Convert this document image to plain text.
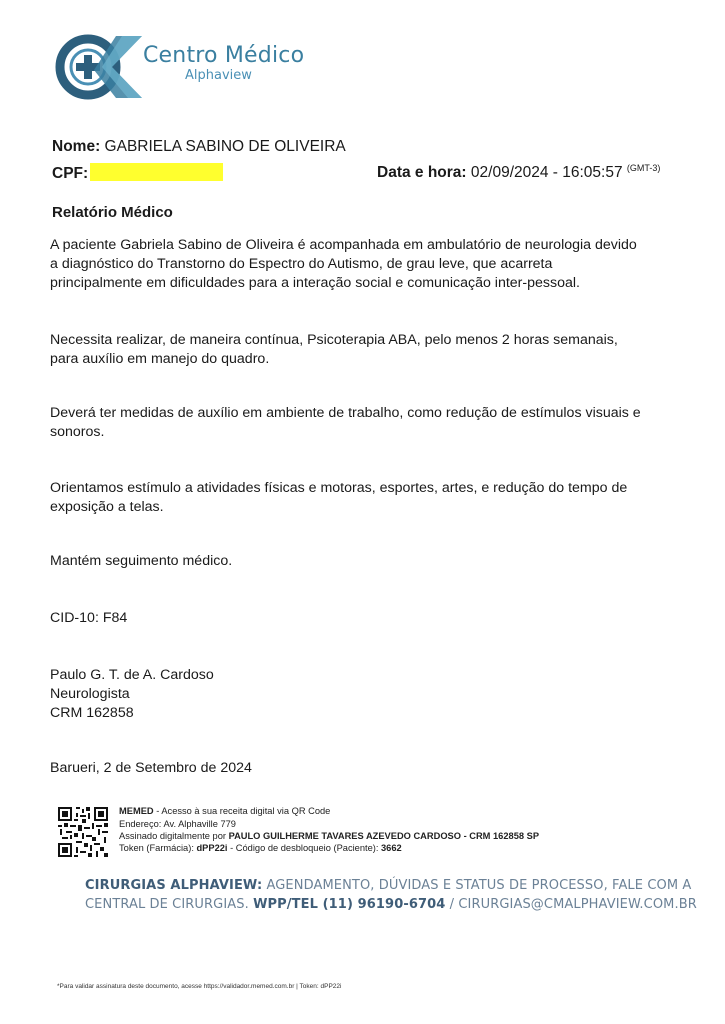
Centro Médico
Alphaview
Nome: GABRIELA SABINO DE OLIVEIRA
CPF:	Data e hora: 02/09/2024 - 16:05:57 $^{(GMT-3)}$
Relatório Médico
A paciente Gabriela Sabino de Oliveira é acompanhada em ambulatório de neurologia devido
a diagnóstico do Transtorno do Espectro do Autismo, de grau leve, que acarreta
principalmente em dificuldades para a interação social e comunicação inter-pessoal.
Necessita realizar, de maneira contínua, Psicoterapia ABA, pelo menos 2 horas semanais,
para auxílio em manejo do quadro.
Deverá ter medidas de auxílio em ambiente de trabalho, como redução de estímulos visuais e
sonoros.
Orientamos estímulo a atividades físicas e motoras, esportes, artes, e redução do tempo de
exposição a telas.
Mantém seguimento médico.
CID-10: F84
Paulo G. T. de A. Cardoso
Neurologista
CRM 162858
Barueri, 2 de Setembro de 2024
MEMED - Acesso à sua receita digital via QR Code
Endereço: Av. Alphaville 779
Assinado digitalmente por PAULO GUILHERME TAVARES AZEVEDO CARDOSO - CRM 162858 SP
Token (Farmácia): dPP22i - Código de desbloqueio (Paciente): 3662
CIRURGIAS ALPHAVIEW: AGENDAMENTO, DÚVIDAS E STATUS DE PROCESSO, FALE COM A
CENTRAL DE CIRURGIAS. WPP/TEL (11) 96190-6704 / CIRURGIAS@CMALPHAVIEW.COM.BR
*Para validar assinatura deste documento, acesse https://validador.memed.com.br | Token: dPP22i
